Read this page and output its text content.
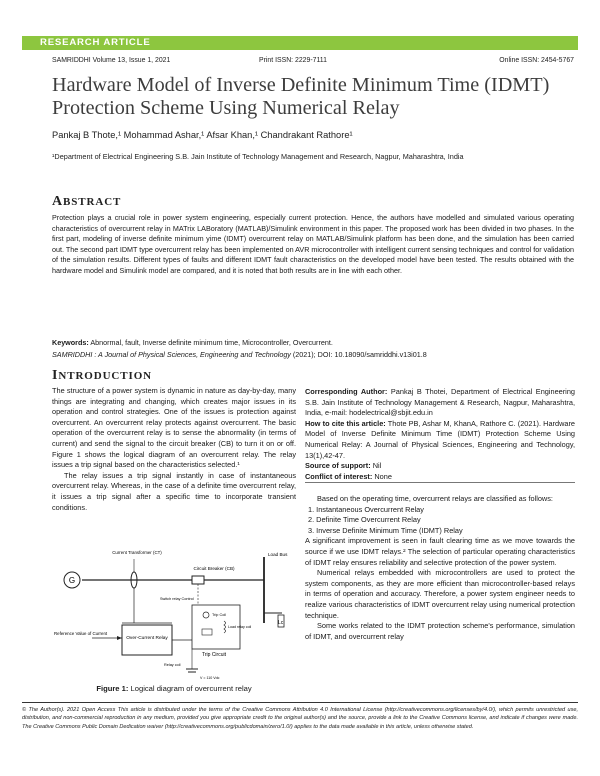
RESEARCH ARTICLE
SAMRIDDHI Volume 13, Issue 1, 2021	Print ISSN: 2229-7111	Online ISSN: 2454-5767
Hardware Model of Inverse Definite Minimum Time (IDMT) Protection Scheme Using Numerical Relay
Pankaj B Thote,¹ Mohammad Ashar,¹ Afsar Khan,¹ Chandrakant Rathore¹
¹Department of Electrical Engineering S.B. Jain Institute of Technology Management and Research, Nagpur, Maharashtra, India
ABSTRACT
Protection plays a crucial role in power system engineering, especially current protection. Hence, the authors have modelled and simulated various operating characteristics of overcurrent relay in MATrix LABoratory (MATLAB)/Simulink environment in this paper. The proposed work has been divided in two phases. In the first part, modeling of inverse definite minimum yime (IDMT) overcurrent relay on MATLAB/Simulink platform has been done, and the simulation has been carried out. The second part IDMT type overcurrent relay has been implemented on AVR microcontroller with intelligent current sensing techniques and control for validation of the simulation results. Different types of faults and different IDMT fault characteristics on the developed model have been tested. The results obtained with the hardware model and Simulink model are compared, and it is noted that both results are in line with each other.
Keywords: Abnormal, fault, Inverse definite minimum time, Microcontroller, Overcurrent.
SAMRIDDHI : A Journal of Physical Sciences, Engineering and Technology (2021); DOI: 10.18090/samriddhi.v13i01.8
INTRODUCTION

The structure of a power system is dynamic in nature as day-by-day, many things are integrating and changing, which creates major issues in its operation and control strategies. One of the issues is protection against overcurrent. An overcurrent relay protects against overcurrent. The basic operation of the overcurrent relay is to sense the abnormality (in terms of current) and send the signal to the circuit breaker (CB) to turn it on or off. Figure 1 shows the logical diagram of an overcurrent relay. The relay issues a trip signal based on the characteristics selected.¹

The relay issues a trip signal instantly in case of instantaneous overcurrent relay. Whereas, in the case of a definite time overcurrent relay, it issues a trip signal after a specific time to incorporate transient conditions.

Corresponding Author: Pankaj B Thotei, Department of Electrical Engineering S.B. Jain Institute of Technology Management & Research, Nagpur, Maharashtra, India, e-mail: hodelectrical@sbjit.edu.in

How to cite this article: Thote PB, Ashar M, KhanA, Rathore C. (2021). Hardware Model of Inverse Definite Minimum Time (IDMT) Protection Scheme Using Numerical Relay: A Journal of Physical Sciences, Engineering and Technology, 13(1),42-47.

Source of support: Nil

Conflict of interest: None

Based on the operating time, overcurrent relays are classified as follows:

1. Instantaneous Overcurrent Relay
2. Definite Time Overcurrent Relay
3. Inverse Definite Minimum Time (IDMT) Relay

A significant improvement is seen in fault clearing time as we move towards the source if we use IDMT relays.² The selection of particular operating characteristics of IDMT relay ensures reliability and selective protection of the power system.

Numerical relays embedded with microcontrollers are used to protect the system components, as they are more efficient than microcontroller-based relays in terms of operation and accuracy. Therefore, a power system engineer needs to realize various characteristics of IDMT overcurrent relay using numerical protection technique.

Some works related to the IDMT protection scheme's performance, simulation of IDMT, and overcurrent relay

G
Current Transformer (CT)
Circuit Breaker (CB)
Load Bus
Lc
Over-Current Relay
Reference Value of Current
Switch relay Control
Trip Coil
Load relay coil
Trip Circuit
Relay coil
V = 110 Vdc
Figure 1: Logical diagram of overcurrent relay
© The Author(s). 2021 Open Access This article is distributed under the terms of the Creative Commons Attribution 4.0 International License (http://creativecommons.org/licenses/by/4.0/), which permits unrestricted use, distribution, and non-commercial reproduction in any medium, provided you give appropriate credit to the original author(s) and the source, provide a link to the Creative Commons license, and indicate if changes were made. The Creative Commons Public Domain Dedication waiver (http://creativecommons.org/publicdomain/zero/1.0/) applies to the data made available in this article, unless otherwise stated.
